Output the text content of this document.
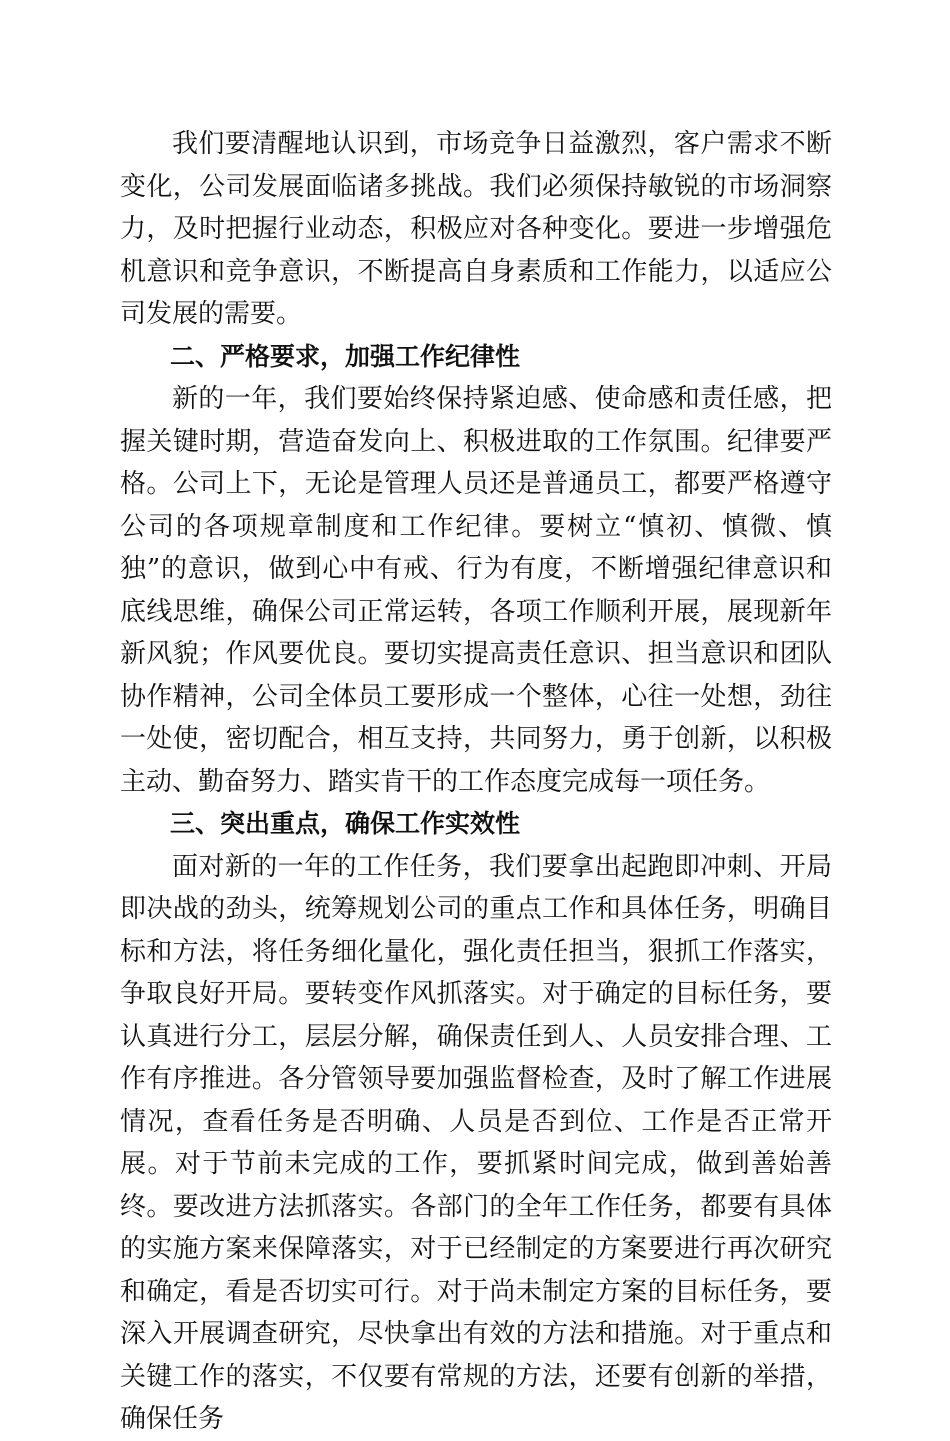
我们要清醒地认识到，市场竞争日益激烈，客户需求不断变化，公司发展面临诸多挑战。我们必须保持敏锐的市场洞察力，及时把握行业动态，积极应对各种变化。要进一步增强危机意识和竞争意识，不断提高自身素质和工作能力，以适应公司发展的需要。

二、严格要求，加强工作纪律性

新的一年，我们要始终保持紧迫感、使命感和责任感，把握关键时期，营造奋发向上、积极进取的工作氛围。纪律要严格。公司上下，无论是管理人员还是普通员工，都要严格遵守公司的各项规章制度和工作纪律。要树立“慎初、慎微、慎独”的意识，做到心中有戒、行为有度，不断增强纪律意识和底线思维，确保公司正常运转，各项工作顺利开展，展现新年新风貌；作风要优良。要切实提高责任意识、担当意识和团队协作精神，公司全体员工要形成一个整体，心往一处想，劲往一处使，密切配合，相互支持，共同努力，勇于创新，以积极主动、勤奋努力、踏实肯干的工作态度完成每一项任务。

三、突出重点，确保工作实效性

面对新的一年的工作任务，我们要拿出起跑即冲刺、开局即决战的劲头，统筹规划公司的重点工作和具体任务，明确目标和方法，将任务细化量化，强化责任担当，狠抓工作落实，争取良好开局。要转变作风抓落实。对于确定的目标任务，要认真进行分工，层层分解，确保责任到人、人员安排合理、工作有序推进。各分管领导要加强监督检查，及时了解工作进展情况，查看任务是否明确、人员是否到位、工作是否正常开展。对于节前未完成的工作，要抓紧时间完成，做到善始善终。要改进方法抓落实。各部门的全年工作任务，都要有具体的实施方案来保障落实，对于已经制定的方案要进行再次研究和确定，看是否切实可行。对于尚未制定方案的目标任务，要深入开展调查研究，尽快拿出有效的方法和措施。对于重点和关键工作的落实，不仅要有常规的方法，还要有创新的举措，确保任务
